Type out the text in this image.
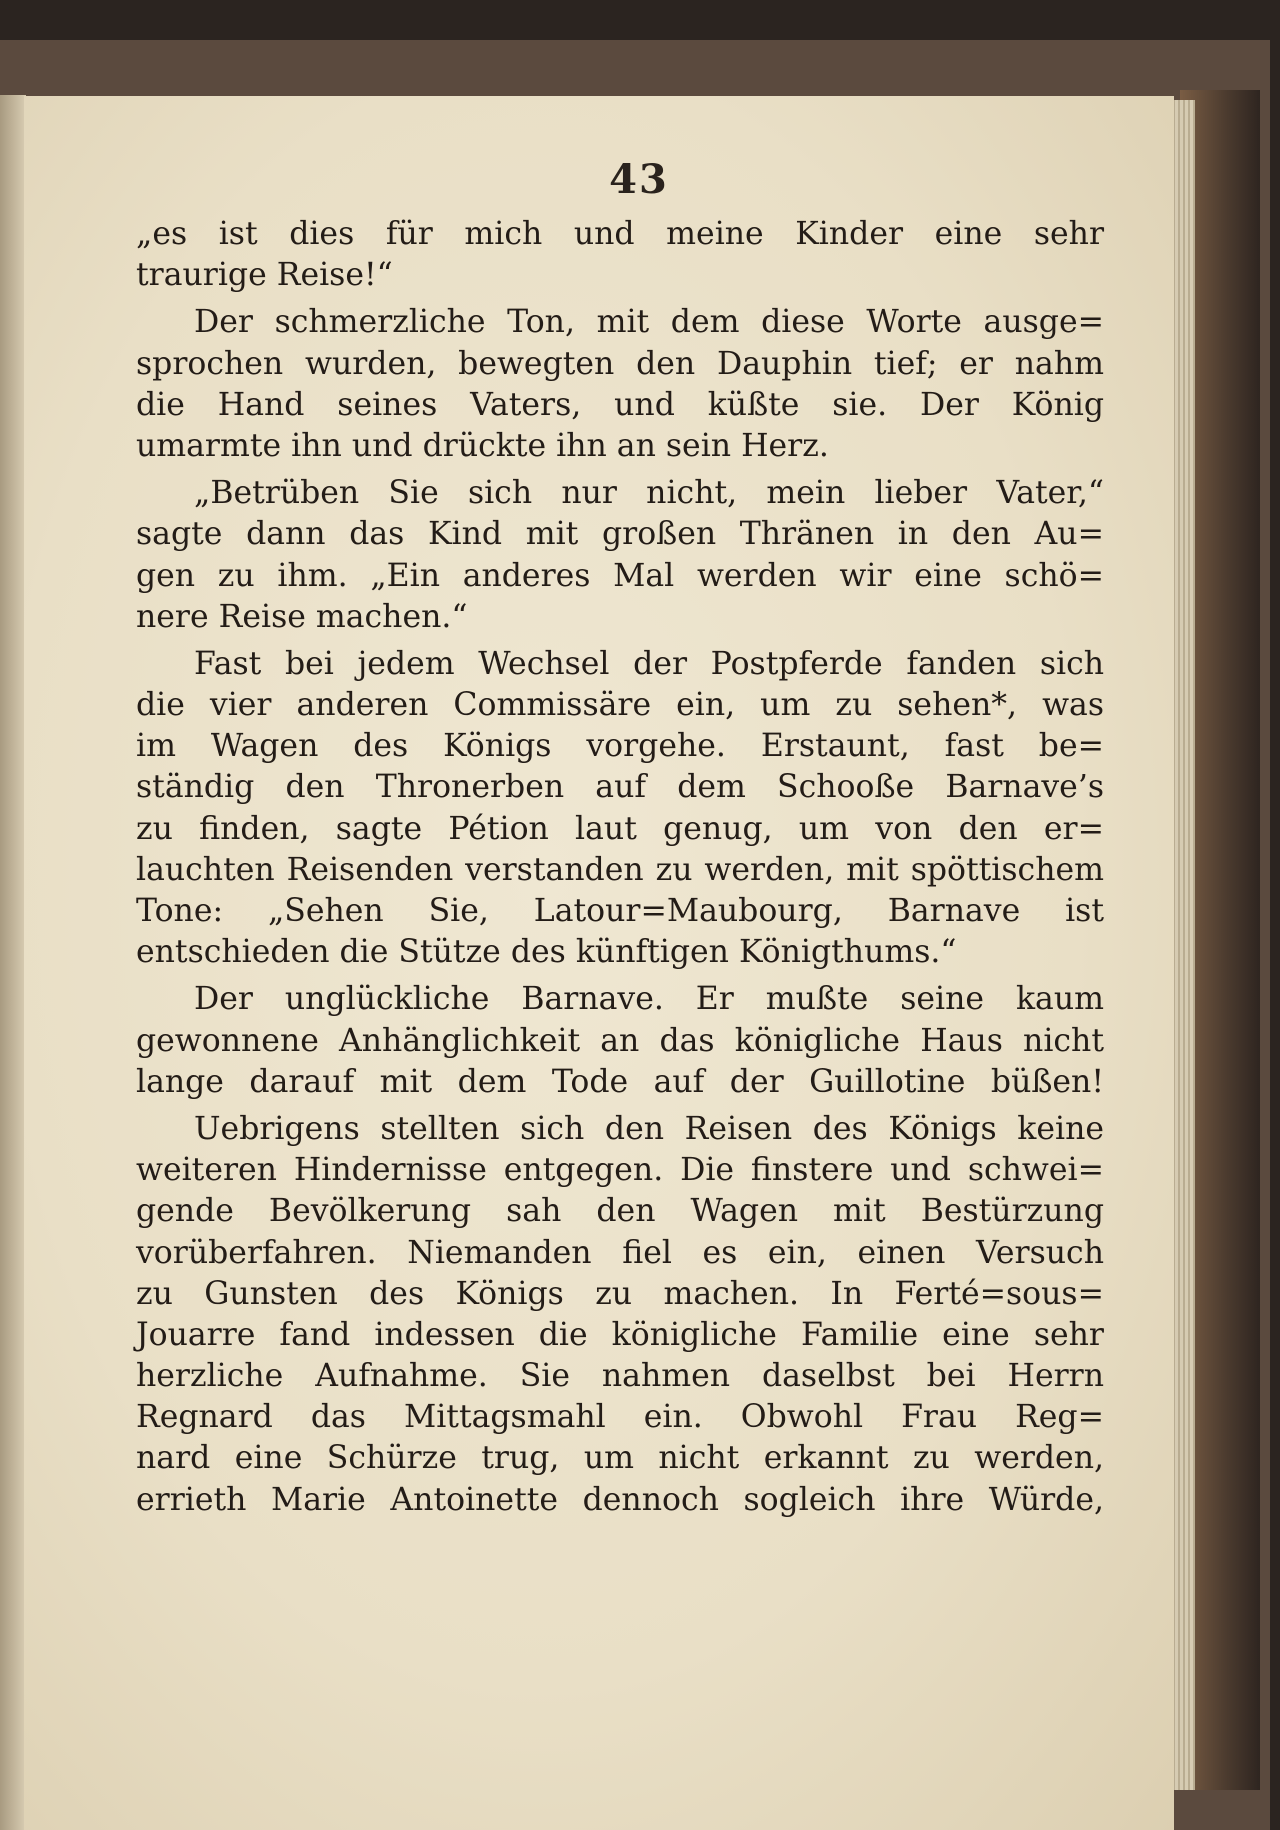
43
„es ist dies für mich und meine Kinder eine sehr
traurige Reise!“
Der schmerzliche Ton, mit dem diese Worte ausge=
sprochen wurden, bewegten den Dauphin tief; er nahm
die Hand seines Vaters, und küßte sie. Der König
umarmte ihn und drückte ihn an sein Herz.
„Betrüben Sie sich nur nicht, mein lieber Vater,“
sagte dann das Kind mit großen Thränen in den Au=
gen zu ihm. „Ein anderes Mal werden wir eine schö=
nere Reise machen.“
Fast bei jedem Wechsel der Postpferde fanden sich
die vier anderen Commissäre ein, um zu sehen*, was
im Wagen des Königs vorgehe. Erstaunt, fast be=
ständig den Thronerben auf dem Schooße Barnave’s
zu finden, sagte Pétion laut genug, um von den er=
lauchten Reisenden verstanden zu werden, mit spöttischem
Tone: „Sehen Sie, Latour=Maubourg, Barnave ist
entschieden die Stütze des künftigen Königthums.“
Der unglückliche Barnave. Er mußte seine kaum
gewonnene Anhänglichkeit an das königliche Haus nicht
lange darauf mit dem Tode auf der Guillotine büßen!
Uebrigens stellten sich den Reisen des Königs keine
weiteren Hindernisse entgegen. Die finstere und schwei=
gende Bevölkerung sah den Wagen mit Bestürzung
vorüberfahren. Niemanden fiel es ein, einen Versuch
zu Gunsten des Königs zu machen. In Ferté=sous=
Jouarre fand indessen die königliche Familie eine sehr
herzliche Aufnahme. Sie nahmen daselbst bei Herrn
Regnard das Mittagsmahl ein. Obwohl Frau Reg=
nard eine Schürze trug, um nicht erkannt zu werden,
errieth Marie Antoinette dennoch sogleich ihre Würde,
